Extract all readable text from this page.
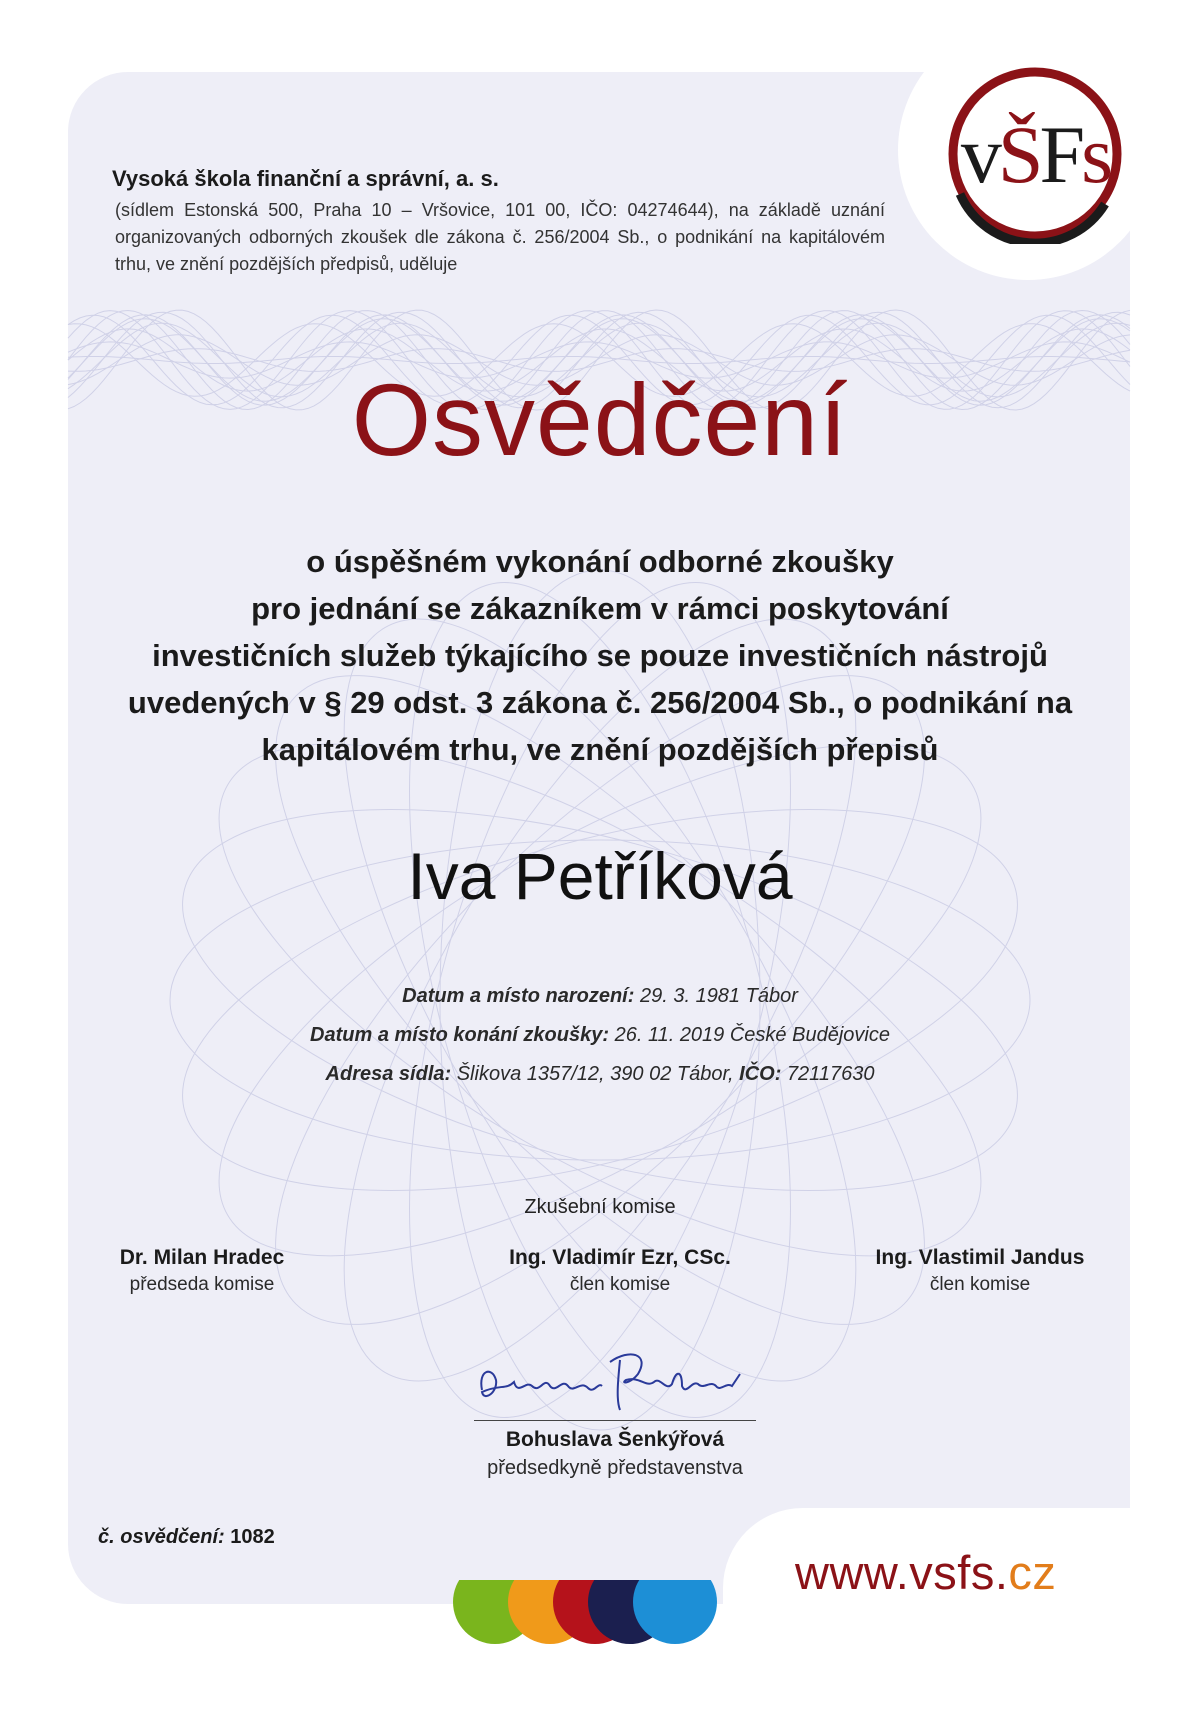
vŠFs
Vysoká škola finanční a správní, a. s.
(sídlem Estonská 500, Praha 10 – Vršovice, 101 00, IČO: 04274644), na základě uznání organizovaných odborných zkoušek dle zákona č. 256/2004 Sb., o podnikání na kapitálovém trhu, ve znění pozdějších předpisů, uděluje
Osvědčení
o úspěšném vykonání odborné zkoušky
pro jednání se zákazníkem v rámci poskytování
investičních služeb týkajícího se pouze investičních nástrojů
uvedených v § 29 odst. 3 zákona č. 256/2004 Sb., o podnikání na
kapitálovém trhu, ve znění pozdějších přepisů
Iva Petříková
Datum a místo narození: 29. 3. 1981 Tábor
Datum a místo konání zkoušky: 26. 11. 2019 České Budějovice
Adresa sídla: Šlikova 1357/12, 390 02 Tábor, IČO: 72117630
Zkušební komise
Dr. Milan Hradec
předseda komise
Ing. Vladimír Ezr, CSc.
člen komise
Ing. Vlastimil Jandus
člen komise
Bohuslava Šenkýřová
předsedkyně představenstva
č. osvědčení: 1082
www.vsfs.cz
